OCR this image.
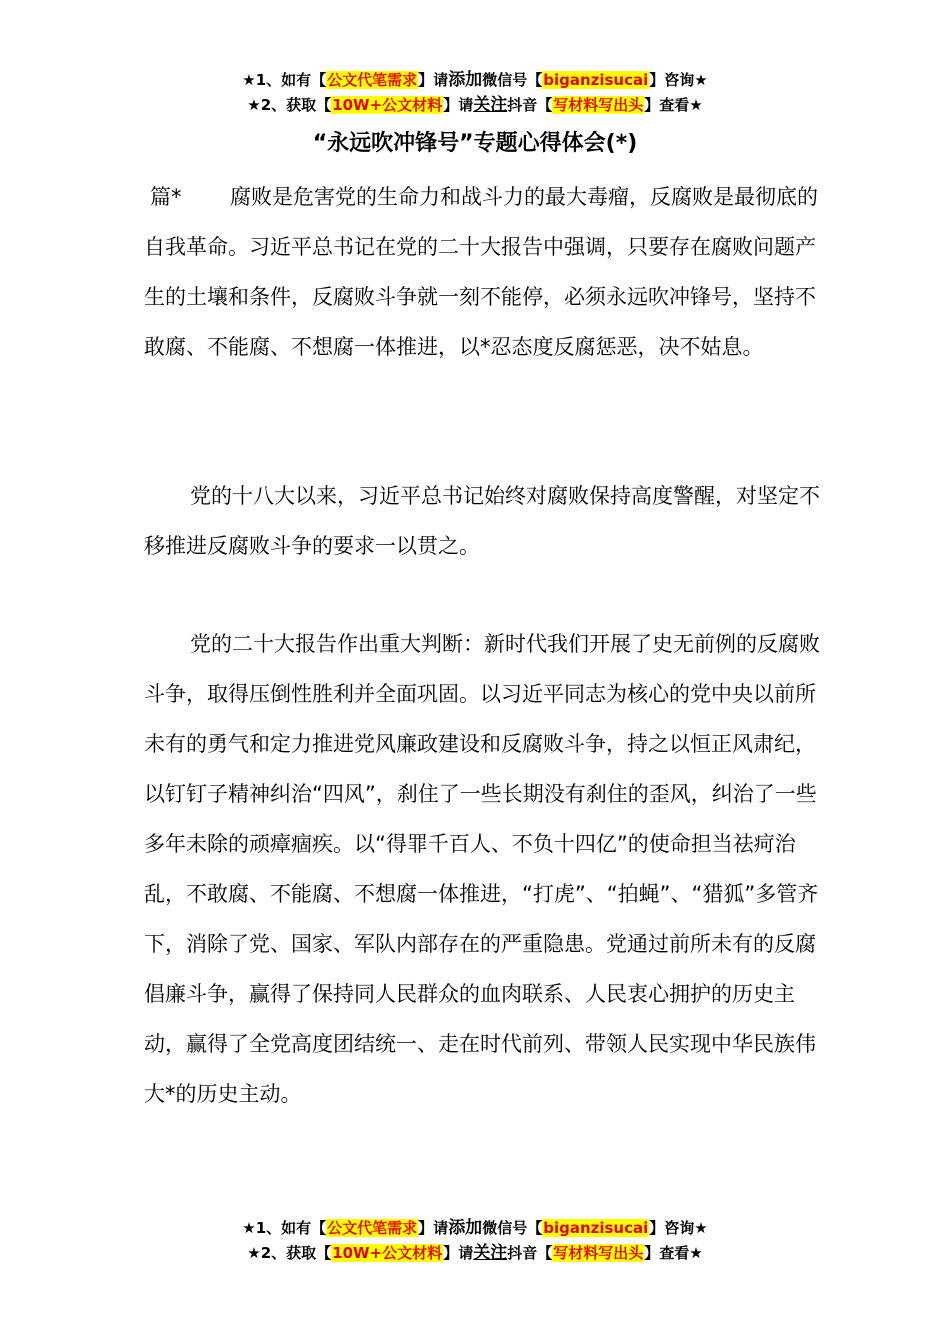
★1、如有【公文代笔需求】请添加微信号【biganzisucai】咨询★
★2、获取【10W+公文材料】请关注抖音【写材料写出头】查看★
“永远吹冲锋号”专题心得体会(*)

篇* 腐败是危害党的生命力和战斗力的最大毒瘤，反腐败是最彻底的自我革命。习近平总书记在党的二十大报告中强调，只要存在腐败问题产生的土壤和条件，反腐败斗争就一刻不能停，必须永远吹冲锋号，坚持不敢腐、不能腐、不想腐一体推进，以*忍态度反腐惩恶，决不姑息。

党的十八大以来，习近平总书记始终对腐败保持高度警醒，对坚定不移推进反腐败斗争的要求一以贯之。

党的二十大报告作出重大判断：新时代我们开展了史无前例的反腐败斗争，取得压倒性胜利并全面巩固。以习近平同志为核心的党中央以前所未有的勇气和定力推进党风廉政建设和反腐败斗争，持之以恒正风肃纪，以钉钉子精神纠治“四风”，刹住了一些长期没有刹住的歪风，纠治了一些多年未除的顽瘴痼疾。以“得罪千百人、不负十四亿”的使命担当祛疴治乱，不敢腐、不能腐、不想腐一体推进，“打虎”、“拍蝇”、“猎狐”多管齐下，消除了党、国家、军队内部存在的严重隐患。党通过前所未有的反腐倡廉斗争，赢得了保持同人民群众的血肉联系、人民衷心拥护的历史主动，赢得了全党高度团结统一、走在时代前列、带领人民实现中华民族伟大*的历史主动。

★1、如有【公文代笔需求】请添加微信号【biganzisucai】咨询★
★2、获取【10W+公文材料】请关注抖音【写材料写出头】查看★
